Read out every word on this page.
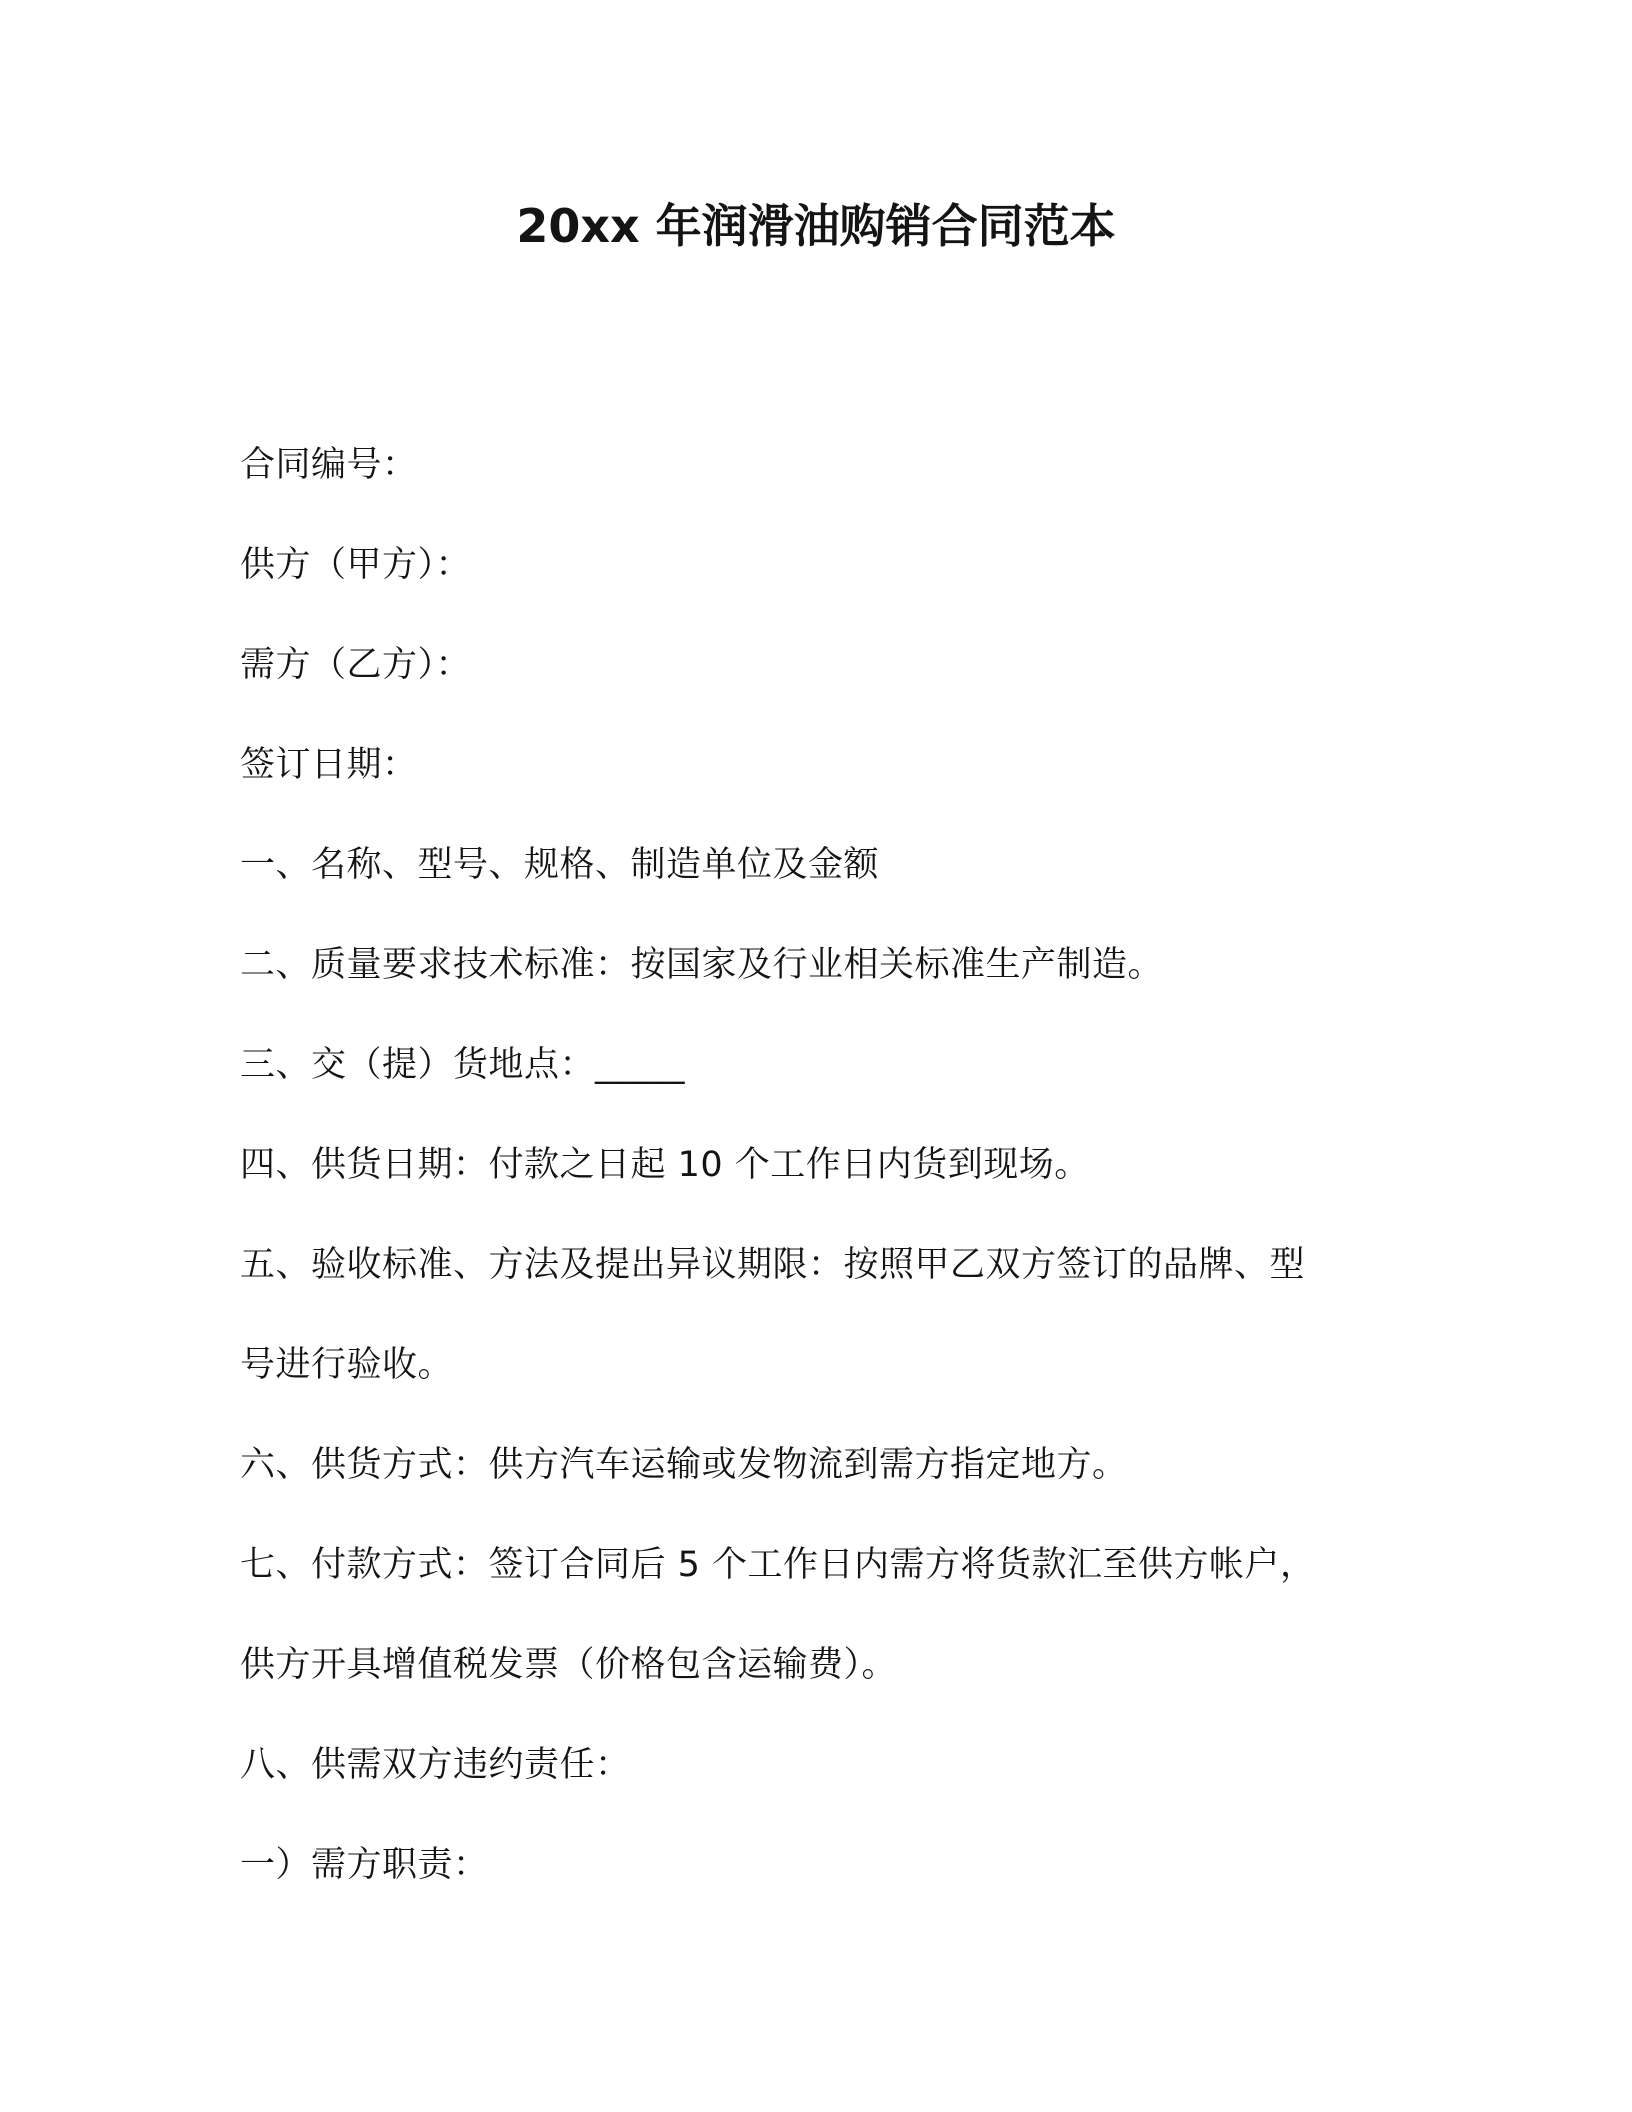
20xx 年润滑油购销合同范本
合同编号：
供方（甲方）：
需方（乙方）：
签订日期：
一、名称、型号、规格、制造单位及金额
二、质量要求技术标准：按国家及行业相关标准生产制造。
三、交（提）货地点：_____
四、供货日期：付款之日起 10 个工作日内货到现场。
五、验收标准、方法及提出异议期限：按照甲乙双方签订的品牌、型
号进行验收。
六、供货方式：供方汽车运输或发物流到需方指定地方。
七、付款方式：签订合同后 5 个工作日内需方将货款汇至供方帐户，
供方开具增值税发票（价格包含运输费）。
八、供需双方违约责任：
一）需方职责：
